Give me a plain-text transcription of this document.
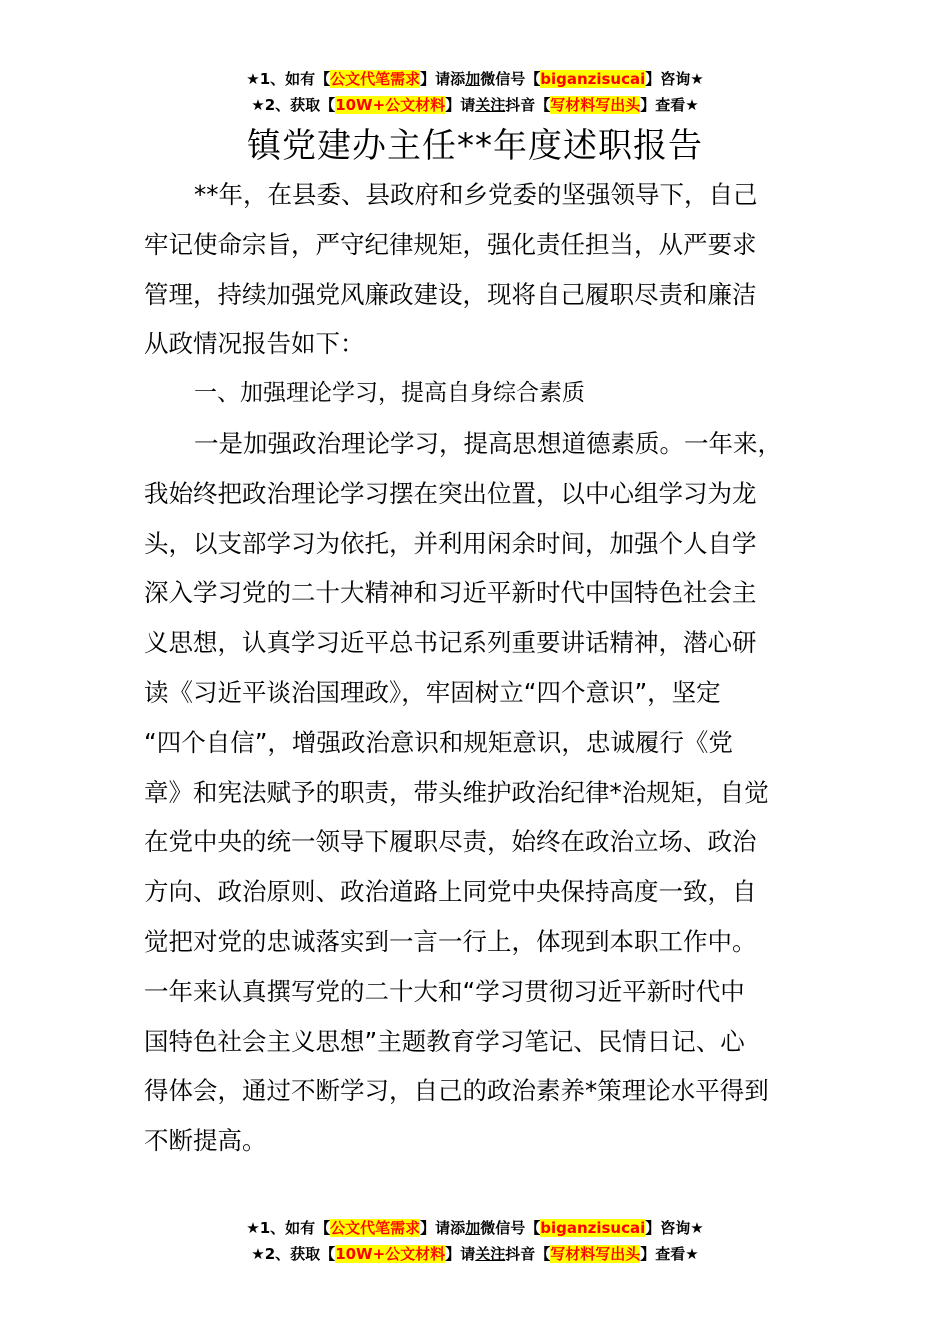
★1、如有【公文代笔需求】请添加微信号【biganzisucai】咨询★
★2、获取【10W+公文材料】请关注抖音【写材料写出头】查看★
镇党建办主任**年度述职报告
**年，在县委、县政府和乡党委的坚强领导下，自己
牢记使命宗旨，严守纪律规矩，强化责任担当，从严要求
管理，持续加强党风廉政建设，现将自己履职尽责和廉洁
从政情况报告如下：
一、加强理论学习，提高自身综合素质
一是加强政治理论学习，提高思想道德素质。一年来，
我始终把政治理论学习摆在突出位置，以中心组学习为龙
头，以支部学习为依托，并利用闲余时间，加强个人自学
深入学习党的二十大精神和习近平新时代中国特色社会主
义思想，认真学习近平总书记系列重要讲话精神，潜心研
读《习近平谈治国理政》，牢固树立“四个意识”，坚定
“四个自信”，增强政治意识和规矩意识，忠诚履行《党
章》和宪法赋予的职责，带头维护政治纪律*治规矩，自觉
在党中央的统一领导下履职尽责，始终在政治立场、政治
方向、政治原则、政治道路上同党中央保持高度一致，自
觉把对党的忠诚落实到一言一行上，体现到本职工作中。
一年来认真撰写党的二十大和“学习贯彻习近平新时代中
国特色社会主义思想”主题教育学习笔记、民情日记、心
得体会，通过不断学习，自己的政治素养*策理论水平得到
不断提高。
★1、如有【公文代笔需求】请添加微信号【biganzisucai】咨询★
★2、获取【10W+公文材料】请关注抖音【写材料写出头】查看★
